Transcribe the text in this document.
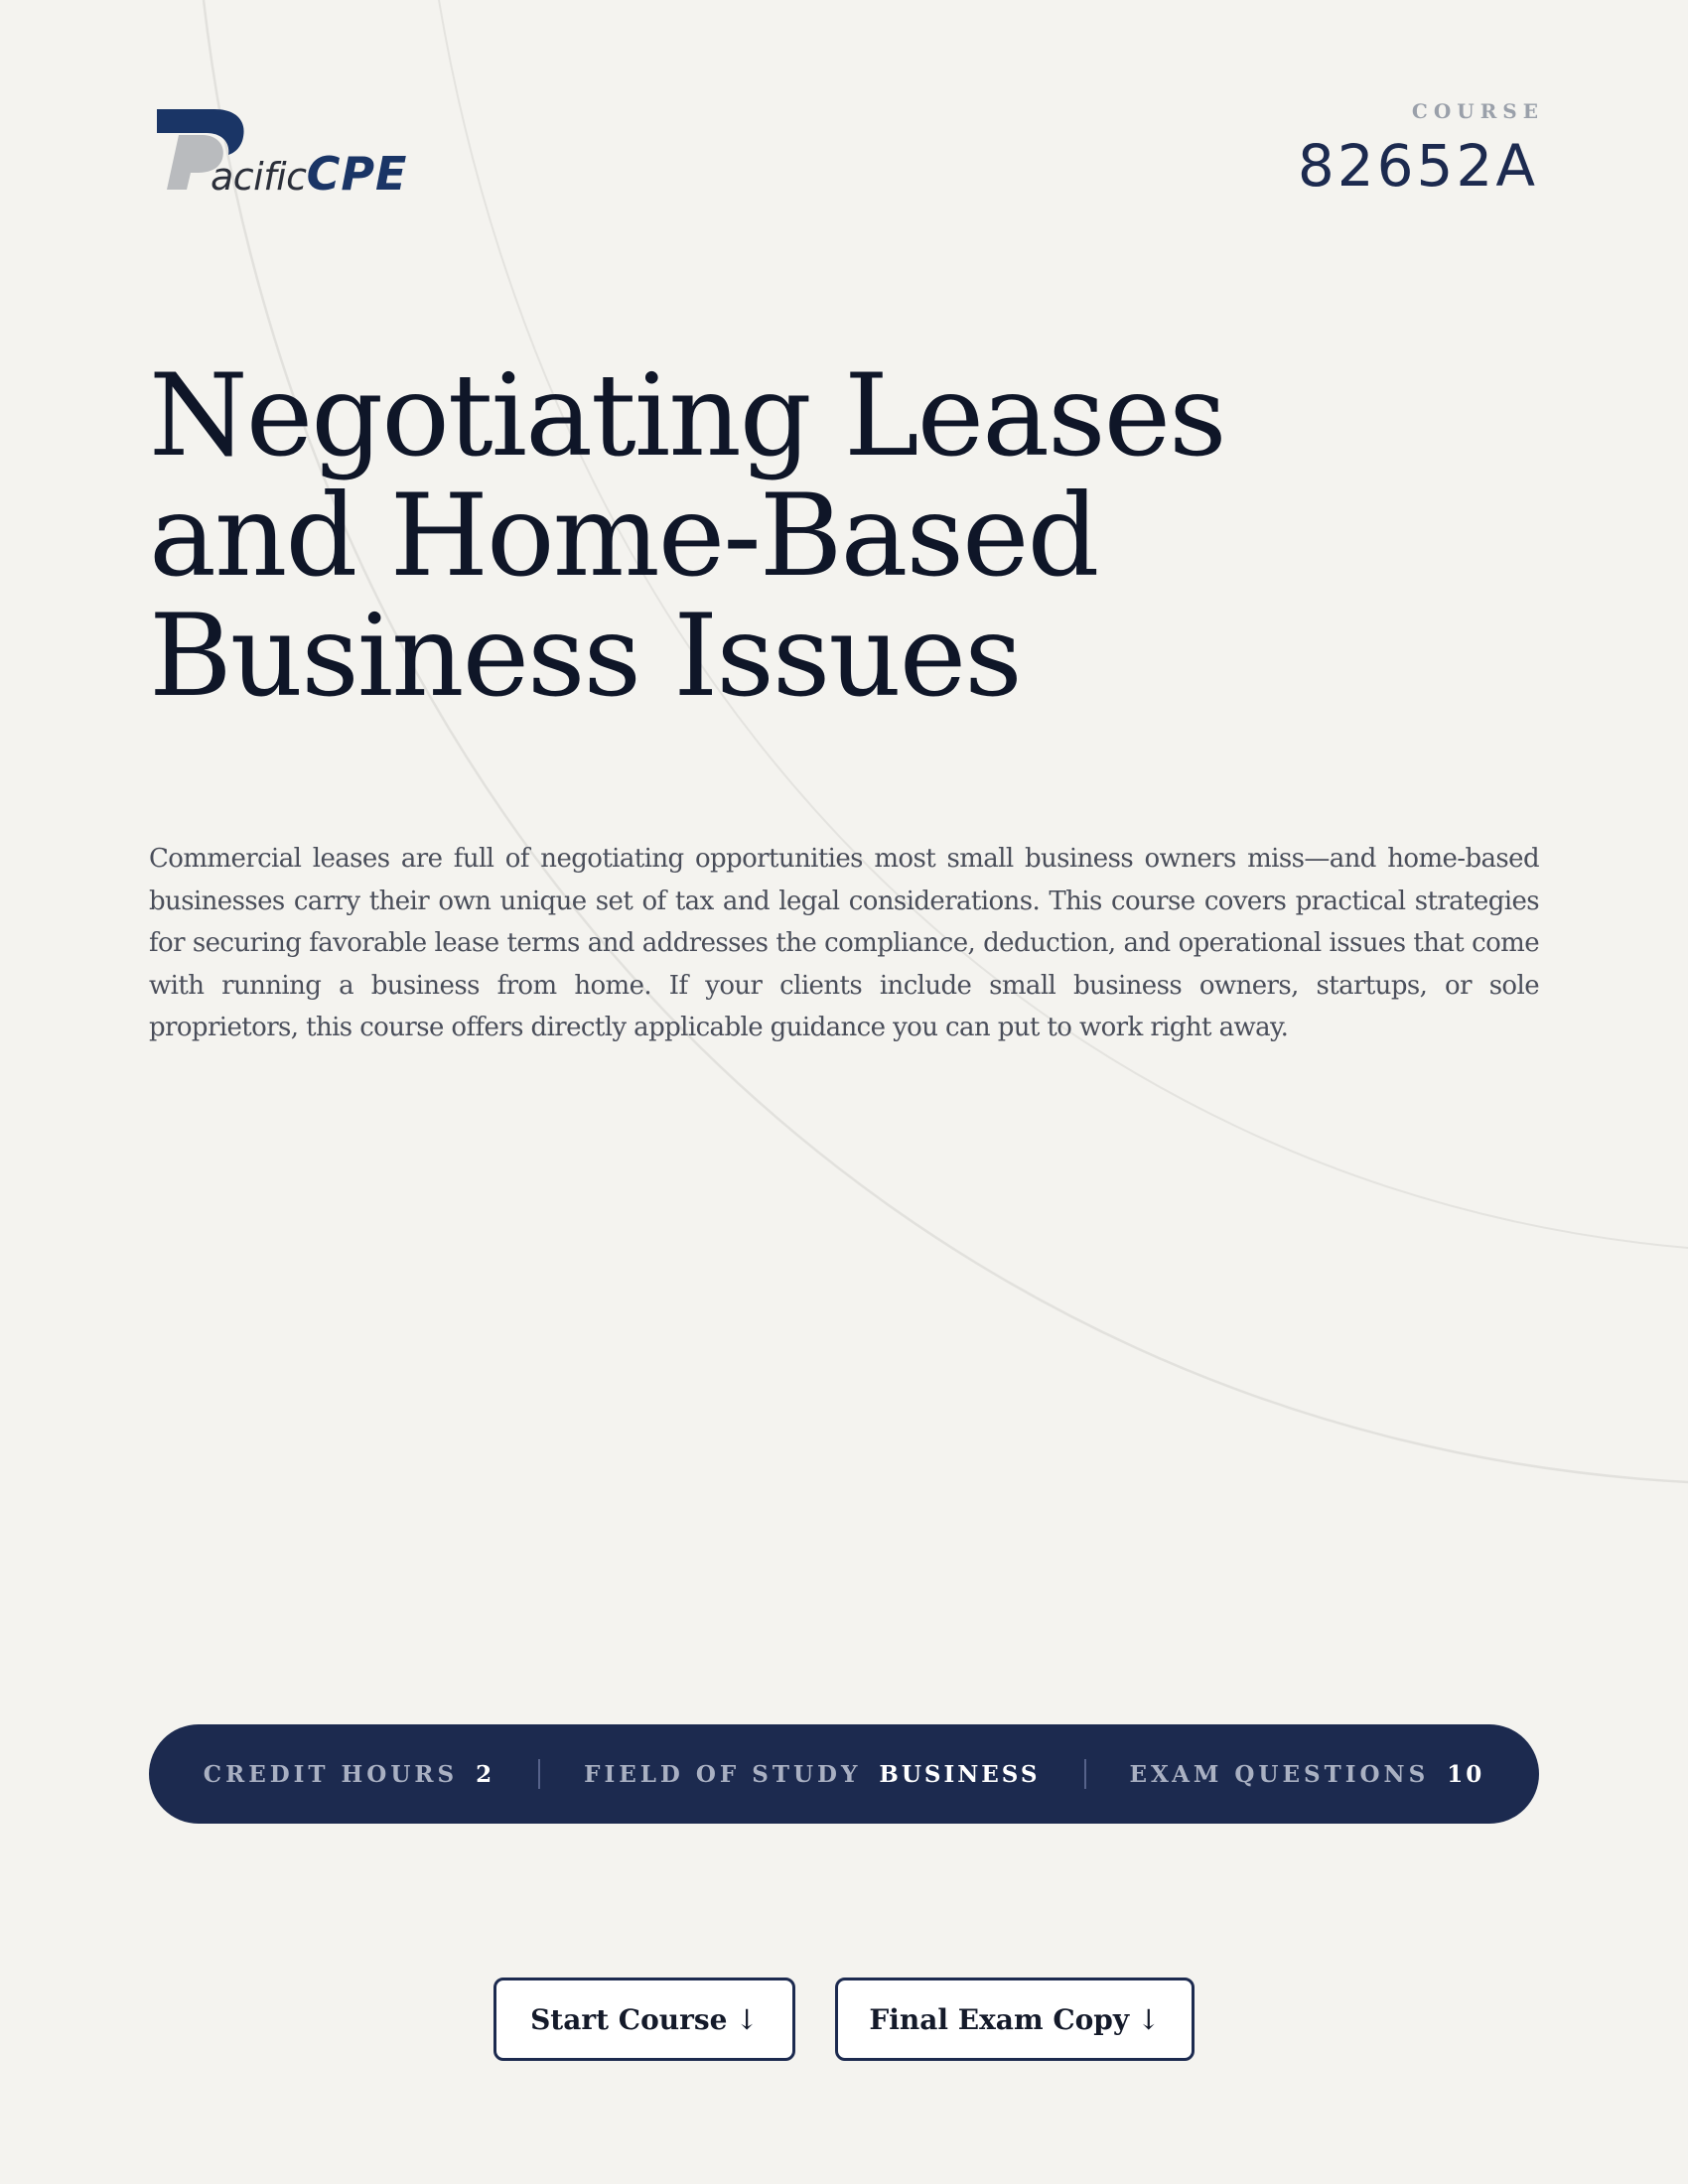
acificCPE
COURSE
82652A
Negotiating Leases
and Home-Based
Business Issues

Commercial leases are full of negotiating opportunities most small business owners miss—and home-based businesses carry their own unique set of tax and legal considerations. This course covers practical strategies for securing favorable lease terms and addresses the compliance, deduction, and operational issues that come with running a business from home. If your clients include small business owners, startups, or sole proprietors, this course offers directly applicable guidance you can put to work right away.

CREDIT HOURS 2	FIELD OF STUDY BUSINESS	EXAM QUESTIONS 10
Start Course ↓	Final Exam Copy ↓
